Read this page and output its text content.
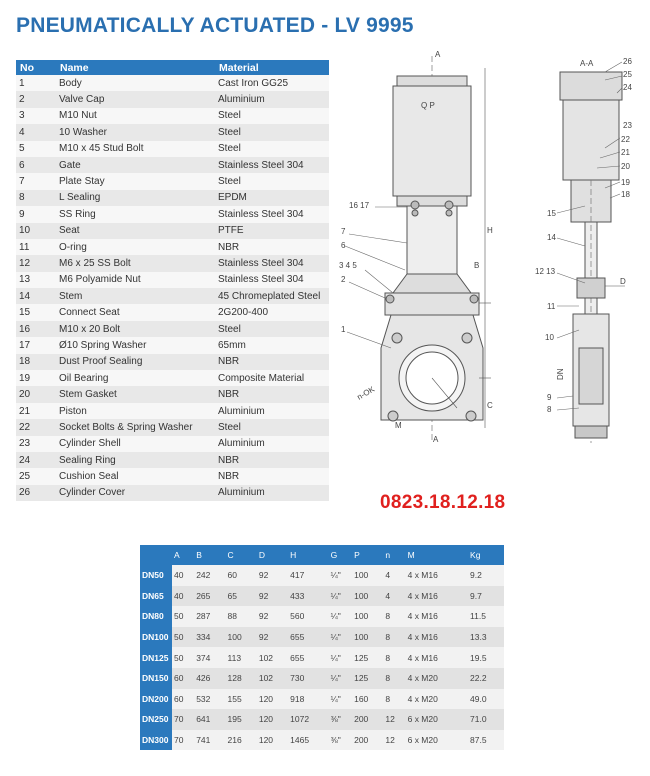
PNEUMATICALLY ACTUATED - LV 9995
No	Name	Material
1	Body	Cast Iron GG25
2	Valve Cap	Aluminium
3	M10 Nut	Steel
4	10 Washer	Steel
5	M10 x 45 Stud Bolt	Steel
6	Gate	Stainless Steel 304
7	Plate Stay	Steel
8	L Sealing	EPDM
9	SS Ring	Stainless Steel 304
10	Seat	PTFE
11	O-ring	NBR
12	M6 x 25 SS Bolt	Stainless Steel 304
13	M6 Polyamide Nut	Stainless Steel 304
14	Stem	45 Chromeplated Steel
15	Connect Seat	2G200-400
16	M10 x 20 Bolt	Steel
17	Ø10 Spring Washer	65mm
18	Dust Proof Sealing	NBR
19	Oil Bearing	Composite Material
20	Stem Gasket	NBR
21	Piston	Aluminium
22	Socket Bolts & Spring Washer	Steel
23	Cylinder Shell	Aluminium
24	Sealing Ring	NBR
25	Cushion Seal	NBR
26	Cylinder Cover	Aluminium
A
A
Q P
H
B
C
n-OK
M
A-A
D
DN
16 17
7
6
3 4 5
2
1
26
25
24
23
22
21
20
19
18
15
14
12 13
11
10
9
8
0823.18.12.18
	A	B	C	D	H	G	P	n	M	Kg
DN50	40	242	60	92	417	¼"	100	4	4 x M16	9.2
DN65	40	265	65	92	433	¼"	100	4	4 x M16	9.7
DN80	50	287	88	92	560	¼"	100	8	4 x M16	11.5
DN100	50	334	100	92	655	¼"	100	8	4 x M16	13.3
DN125	50	374	113	102	655	¼"	125	8	4 x M16	19.5
DN150	60	426	128	102	730	¼"	125	8	4 x M20	22.2
DN200	60	532	155	120	918	¼"	160	8	4 x M20	49.0
DN250	70	641	195	120	1072	⅜"	200	12	6 x M20	71.0
DN300	70	741	216	120	1465	⅜"	200	12	6 x M20	87.5
